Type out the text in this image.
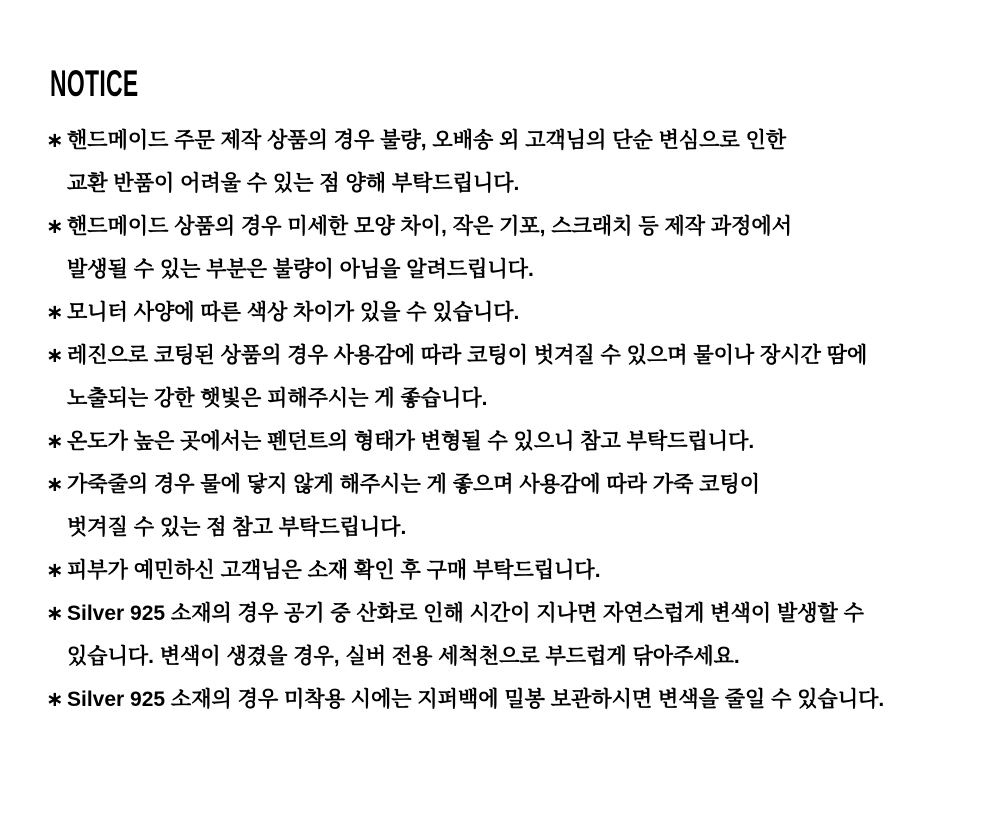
NOTICE
∗ 핸드메이드 주문 제작 상품의 경우 불량, 오배송 외 고객님의 단순 변심으로 인한
교환 반품이 어려울 수 있는 점 양해 부탁드립니다.
∗ 핸드메이드 상품의 경우 미세한 모양 차이, 작은 기포, 스크래치 등 제작 과정에서
발생될 수 있는 부분은 불량이 아님을 알려드립니다.
∗ 모니터 사양에 따른 색상 차이가 있을 수 있습니다.
∗ 레진으로 코팅된 상품의 경우 사용감에 따라 코팅이 벗겨질 수 있으며 물이나 장시간 땀에
노출되는 강한 햇빛은 피해주시는 게 좋습니다.
∗ 온도가 높은 곳에서는 펜던트의 형태가 변형될 수 있으니 참고 부탁드립니다.
∗ 가죽줄의 경우 물에 닿지 않게 해주시는 게 좋으며 사용감에 따라 가죽 코팅이
벗겨질 수 있는 점 참고 부탁드립니다.
∗ 피부가 예민하신 고객님은 소재 확인 후 구매 부탁드립니다.
∗ Silver 925 소재의 경우 공기 중 산화로 인해 시간이 지나면 자연스럽게 변색이 발생할 수
있습니다. 변색이 생겼을 경우, 실버 전용 세척천으로 부드럽게 닦아주세요.
∗ Silver 925 소재의 경우 미착용 시에는 지퍼백에 밀봉 보관하시면 변색을 줄일 수 있습니다.
